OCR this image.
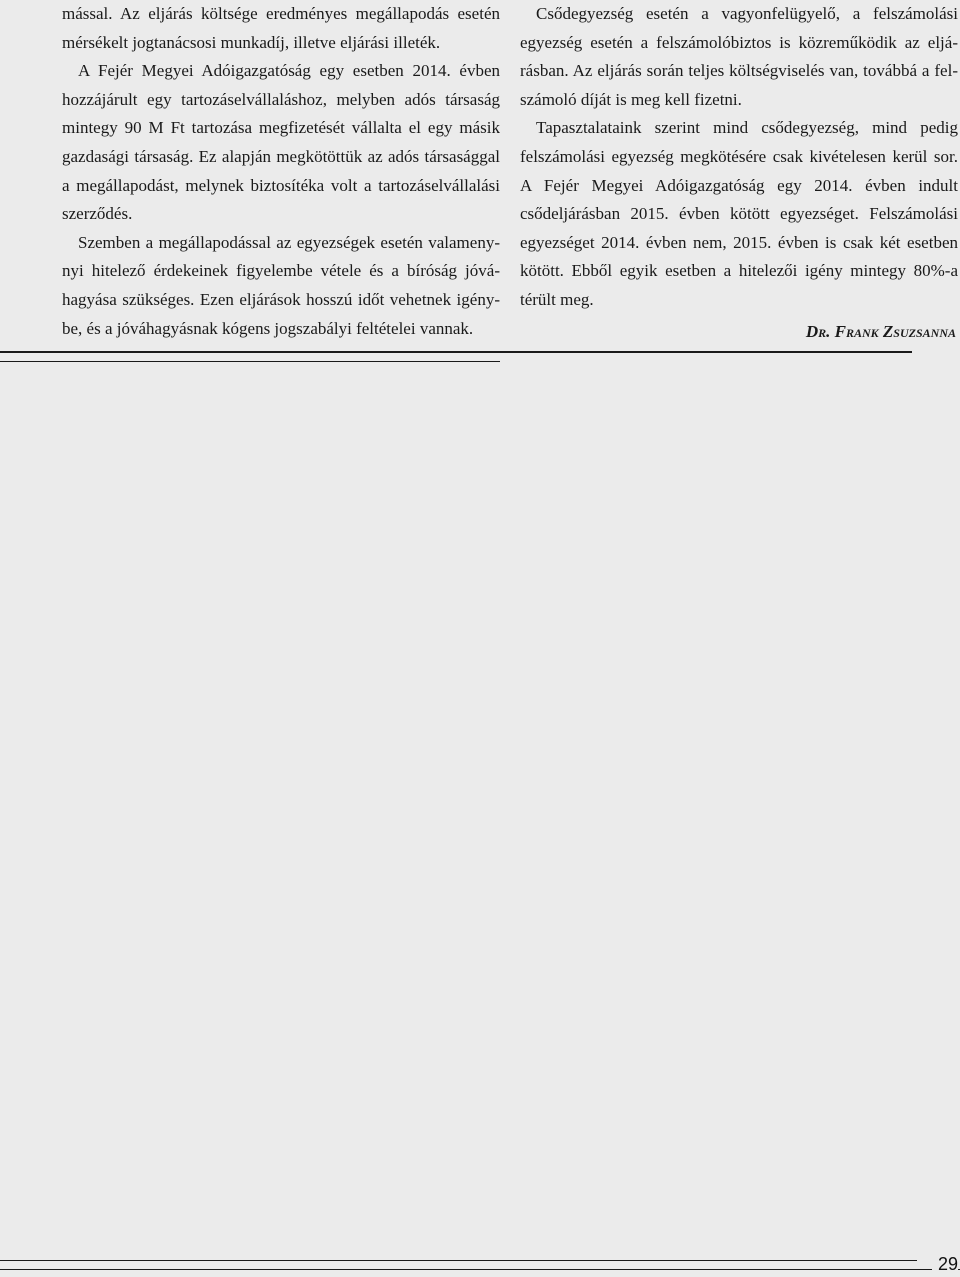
mással. Az eljárás költsége eredményes megállapodás esetén mérsékelt jogtanácsosi munkadíj, illetve eljárási illeték.

A Fejér Megyei Adóigazgatóság egy esetben 2014. évben hozzájárult egy tartozáselvállaláshoz, melyben adós társaság mintegy 90 M Ft tartozása megfizetését vállalta el egy másik gazdasági társaság. Ez alapján megkötöttük az adós társasággal a megállapodást, melynek biztosítéka volt a tartozáselvállalási szerződés.

Szemben a megállapodással az egyezségek esetén valamenynyi hitelező érdekeinek figyelembe vétele és a bíróság jóváhagyása szükséges. Ezen eljárások hosszú időt vehetnek igénybe, és a jóváhagyásnak kógens jogszabályi feltételei vannak.

Csődegyezség esetén a vagyonfelügyelő, a felszámolási egyezség esetén a felszámolóbiztos is közreműködik az eljárásban. Az eljárás során teljes költségviselés van, továbbá a felszámoló díját is meg kell fizetni.

Tapasztalataink szerint mind csődegyezség, mind pedig felszámolási egyezség megkötésére csak kivételesen kerül sor. A Fejér Megyei Adóigazgatóság egy 2014. évben indult csődeljárásban 2015. évben kötött egyezséget. Felszámolási egyezséget 2014. évben nem, 2015. évben is csak két esetben kötött. Ebből egyik esetben a hitelezői igény mintegy 80%-a térült meg.

Dr. Frank Zsuzsanna

29
